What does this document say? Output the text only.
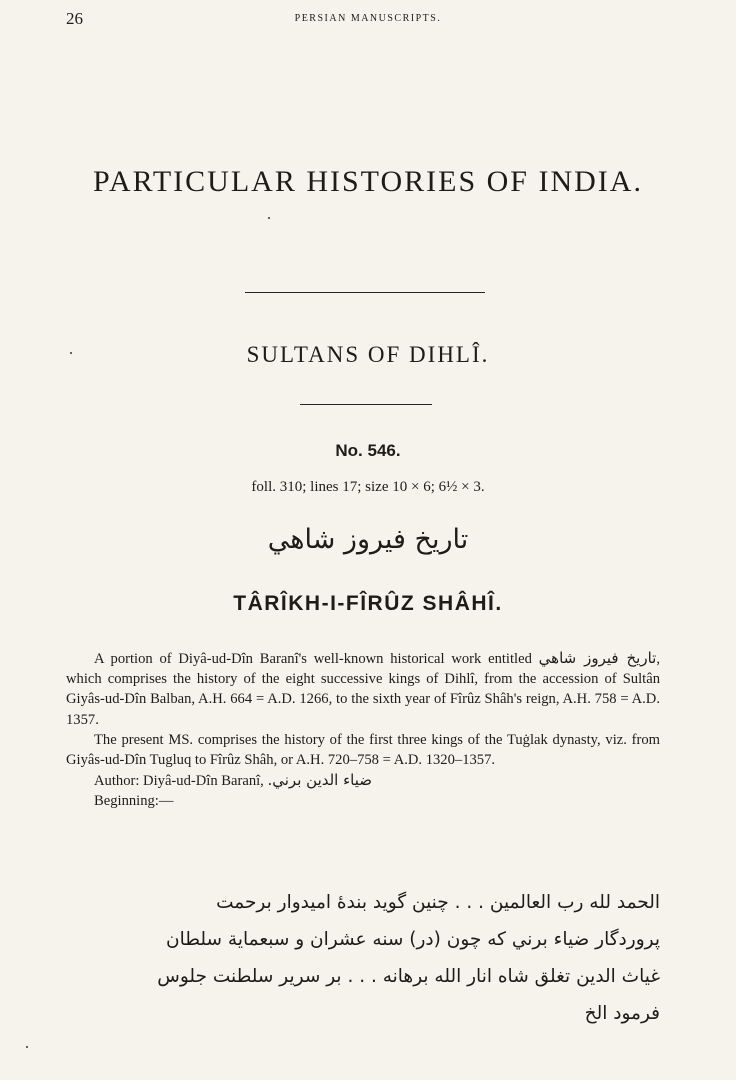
26	PERSIAN MANUSCRIPTS.
PARTICULAR HISTORIES OF INDIA.
SULTANS OF DIHLÎ.
No. 546.
foll. 310; lines 17; size 10 × 6; 6½ × 3.
تاريخ فيروز شاهي
TÂRÎKH-I-FÎRÛZ SHÂHÎ.

A portion of Diyâ-ud-Dîn Baranî's well-known historical work entitled تاريخ فيروز شاهي, which comprises the history of the eight successive kings of Dihlî, from the accession of Sultân Giyâs-ud-Dîn Balban, A.H. 664 = A.D. 1266, to the sixth year of Fîrûz Shâh's reign, A.H. 758 = A.D. 1357.

The present MS. comprises the history of the first three kings of the Tuġlak dynasty, viz. from Giyâs-ud-Dîn Tugluq to Fîrûz Shâh, or A.H. 720–758 = A.D. 1320–1357.

Author: Diyâ-ud-Dîn Baranî, ضياء الدين برني.
Beginning:—
الحمد لله رب العالمين . . . چنين گويد بندهٔ اميدوار برحمت
پروردگار ضياء برني كه چون (در) سنه عشران و سبعماية سلطان
غياث الدين تغلق شاه انار الله برهانه . . . بر سرير سلطنت جلوس
فرمود الخ
